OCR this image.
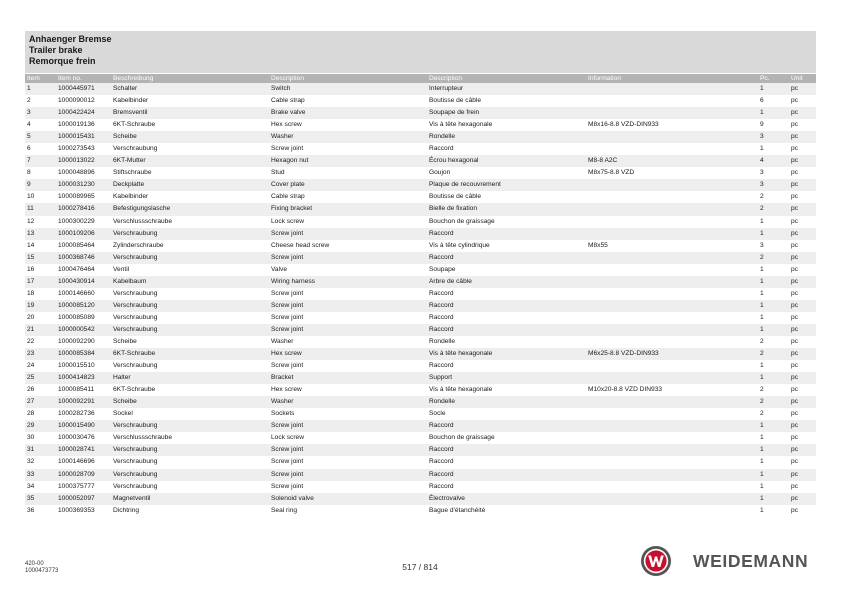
Anhaenger Bremse
Trailer brake
Remorque frein
Item	Item no.	Beschreibung	Description	Description	Information	Pc.	Unit
1	1000445971	Schalter	Switch	Interrupteur		1	pc
2	1000090012	Kabelbinder	Cable strap	Boutisse de câble		6	pc
3	1000422424	Bremsventil	Brake valve	Soupape de frein		1	pc
4	1000019136	6KT-Schraube	Hex screw	Vis à tête hexagonale	M8x16-8.8 VZD-DIN933	9	pc
5	1000015431	Scheibe	Washer	Rondelle		3	pc
6	1000273543	Verschraubung	Screw joint	Raccord		1	pc
7	1000013022	6KT-Mutter	Hexagon nut	Écrou hexagonal	M8-8 A2C	4	pc
8	1000048896	Stiftschraube	Stud	Goujon	M8x75-8.8 VZD	3	pc
9	1000031230	Deckplatte	Cover plate	Plaque de recouvrement		3	pc
10	1000089965	Kabelbinder	Cable strap	Boutisse de câble		2	pc
11	1000278416	Befestigungslasche	Fixing bracket	Bielle de fixation		2	pc
12	1000300229	Verschlussschraube	Lock screw	Bouchon de graissage		1	pc
13	1000109206	Verschraubung	Screw joint	Raccord		1	pc
14	1000085464	Zylinderschraube	Cheese head screw	Vis à tête cylindrique	M8x55	3	pc
15	1000368746	Verschraubung	Screw joint	Raccord		2	pc
16	1000476464	Ventil	Valve	Soupape		1	pc
17	1000430914	Kabelbaum	Wiring harness	Arbre de câble		1	pc
18	1000146660	Verschraubung	Screw joint	Raccord		1	pc
19	1000085120	Verschraubung	Screw joint	Raccord		1	pc
20	1000085089	Verschraubung	Screw joint	Raccord		1	pc
21	1000000542	Verschraubung	Screw joint	Raccord		1	pc
22	1000092290	Scheibe	Washer	Rondelle		2	pc
23	1000085384	6KT-Schraube	Hex screw	Vis à tête hexagonale	M6x25-8.8 VZD-DIN933	2	pc
24	1000015510	Verschraubung	Screw joint	Raccord		1	pc
25	1000414823	Halter	Bracket	Support		1	pc
26	1000085411	6KT-Schraube	Hex screw	Vis à tête hexagonale	M10x20-8.8 VZD DIN933	2	pc
27	1000092291	Scheibe	Washer	Rondelle		2	pc
28	1000282736	Sockel	Sockets	Socle		2	pc
29	1000015490	Verschraubung	Screw joint	Raccord		1	pc
30	1000030476	Verschlussschraube	Lock screw	Bouchon de graissage		1	pc
31	1000028741	Verschraubung	Screw joint	Raccord		1	pc
32	1000146696	Verschraubung	Screw joint	Raccord		1	pc
33	1000028709	Verschraubung	Screw joint	Raccord		1	pc
34	1000375777	Verschraubung	Screw joint	Raccord		1	pc
35	1000052097	Magnetventil	Solenoid valve	Électrovalve		1	pc
36	1000369353	Dichtring	Seal ring	Bague d'étanchéité		1	pc
420-00
1000473773	517 / 814	WEIDEMANN
